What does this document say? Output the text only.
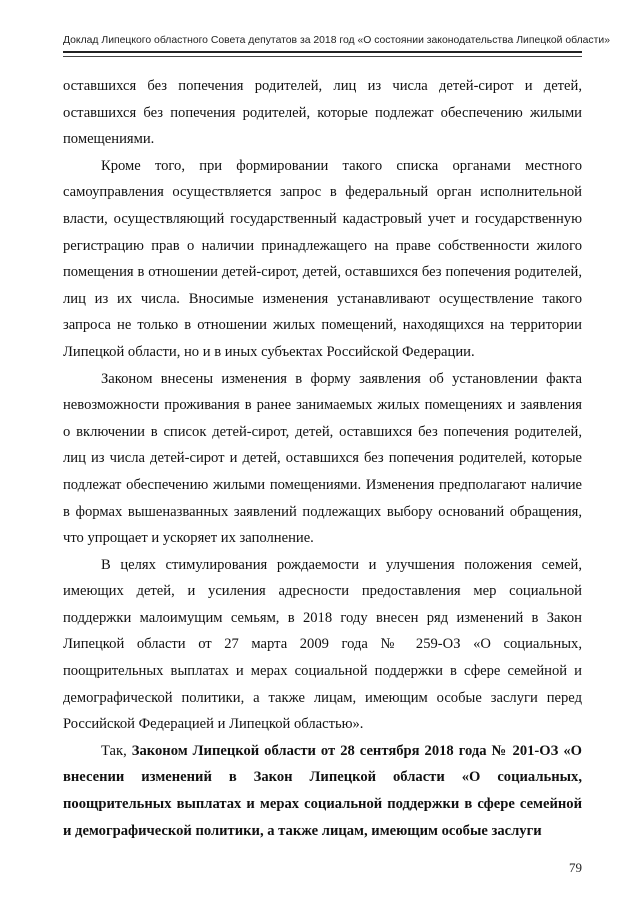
Доклад Липецкого областного Совета депутатов за 2018 год «О состоянии законодательства Липецкой области»

оставшихся без попечения родителей, лиц из числа детей-сирот и детей, оставшихся без попечения родителей, которые подлежат обеспечению жилыми помещениями.

Кроме того, при формировании такого списка органами местного самоуправления осуществляется запрос в федеральный орган исполнительной власти, осуществляющий государственный кадастровый учет и государственную регистрацию прав о наличии принадлежащего на праве собственности жилого помещения в отношении детей-сирот, детей, оставшихся без попечения родителей, лиц из их числа. Вносимые изменения устанавливают осуществление такого запроса не только в отношении жилых помещений, находящихся на территории Липецкой области, но и в иных субъектах Российской Федерации.

Законом внесены изменения в форму заявления об установлении факта невозможности проживания в ранее занимаемых жилых помещениях и заявления о включении в список детей-сирот, детей, оставшихся без попечения родителей, лиц из числа детей-сирот и детей, оставшихся без попечения родителей, которые подлежат обеспечению жилыми помещениями. Изменения предполагают наличие в формах вышеназванных заявлений подлежащих выбору оснований обращения, что упрощает и ускоряет их заполнение.

В целях стимулирования рождаемости и улучшения положения семей, имеющих детей, и усиления адресности предоставления мер социальной поддержки малоимущим семьям, в 2018 году внесен ряд изменений в Закон Липецкой области от 27 марта 2009 года № 259-ОЗ «О социальных, поощрительных выплатах и мерах социальной поддержки в сфере семейной и демографической политики, а также лицам, имеющим особые заслуги перед Российской Федерацией и Липецкой областью».

Так, Законом Липецкой области от 28 сентября 2018 года № 201-ОЗ «О внесении изменений в Закон Липецкой области «О социальных, поощрительных выплатах и мерах социальной поддержки в сфере семейной и демографической политики, а также лицам, имеющим особые заслуги

79
